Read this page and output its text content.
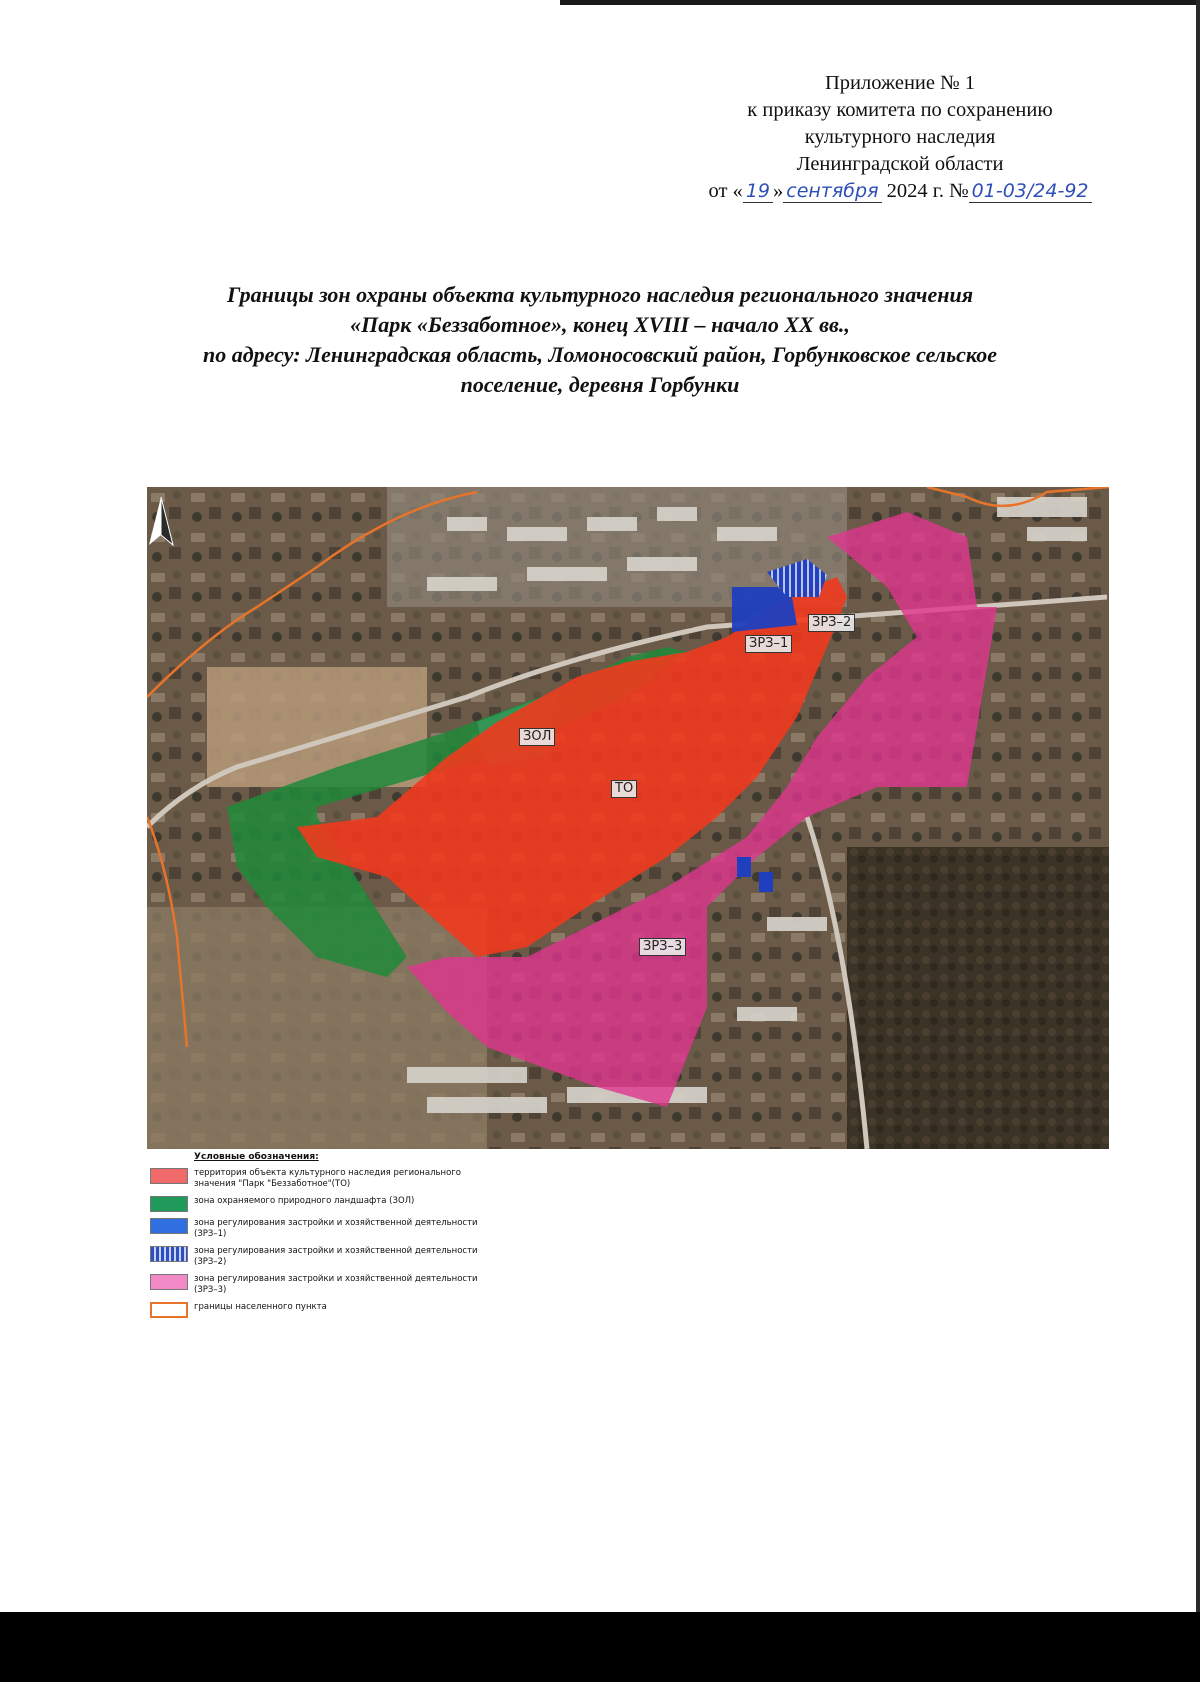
Приложение № 1
к приказу комитета по сохранению
культурного наследия
Ленинградской области
от « 19 » сентября 2024 г. № 01-03/24-92
Границы зон охраны объекта культурного наследия регионального значения
«Парк «Беззаботное», конец XVIII – начало XX вв.,
по адресу: Ленинградская область, Ломоносовский район, Горбунковское сельское
поселение, деревня Горбунки
ЗРЗ–2
ЗРЗ–1
ЗОЛ
ТО
ЗРЗ–3
Условные обозначения:
территория объекта культурного наследия регионального значения "Парк "Беззаботное"(ТО)
зона охраняемого природного ландшафта (ЗОЛ)
зона регулирования застройки и хозяйственной деятельности (ЗРЗ–1)
зона регулирования застройки и хозяйственной деятельности (ЗРЗ–2)
зона регулирования застройки и хозяйственной деятельности (ЗРЗ–3)
границы населенного пункта
